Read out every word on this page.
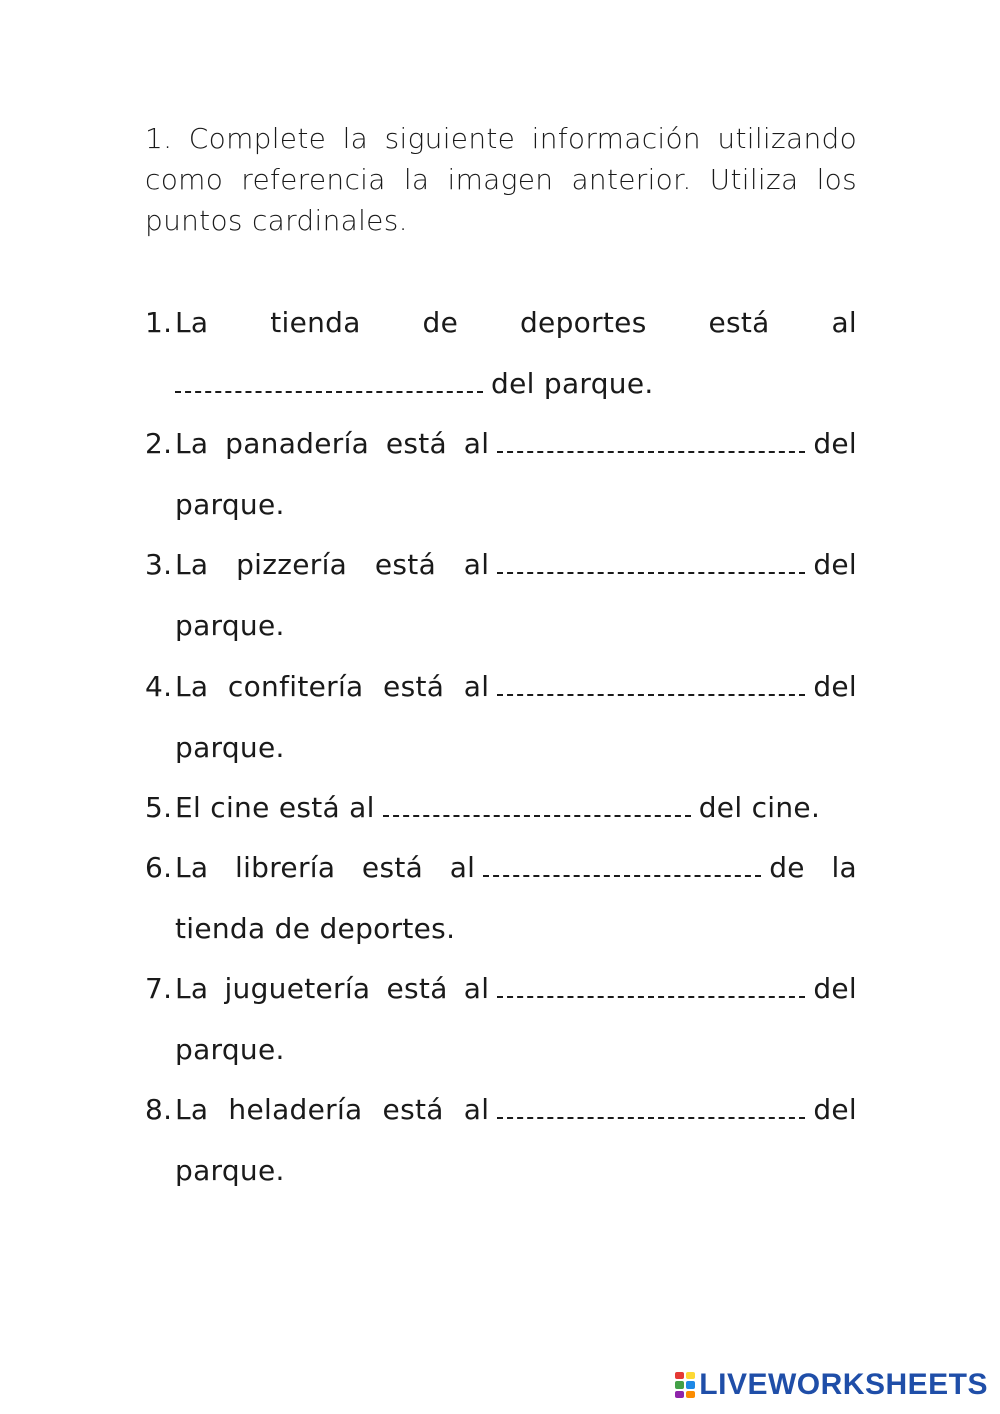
1. Complete la siguiente información utilizando como referencia la imagen anterior. Utiliza los puntos cardinales.
1. La tienda de deportes está al
del parque.
2. La panadería está al	del parque.
3. La pizzería está al	del parque.
4. La confitería está al	del parque.
5. El cine está al	del cine.
6. La librería está al	de la tienda de deportes.
7. La juguetería está al	del parque.
8. La heladería está al	del parque.
LIVEWORKSHEETS
